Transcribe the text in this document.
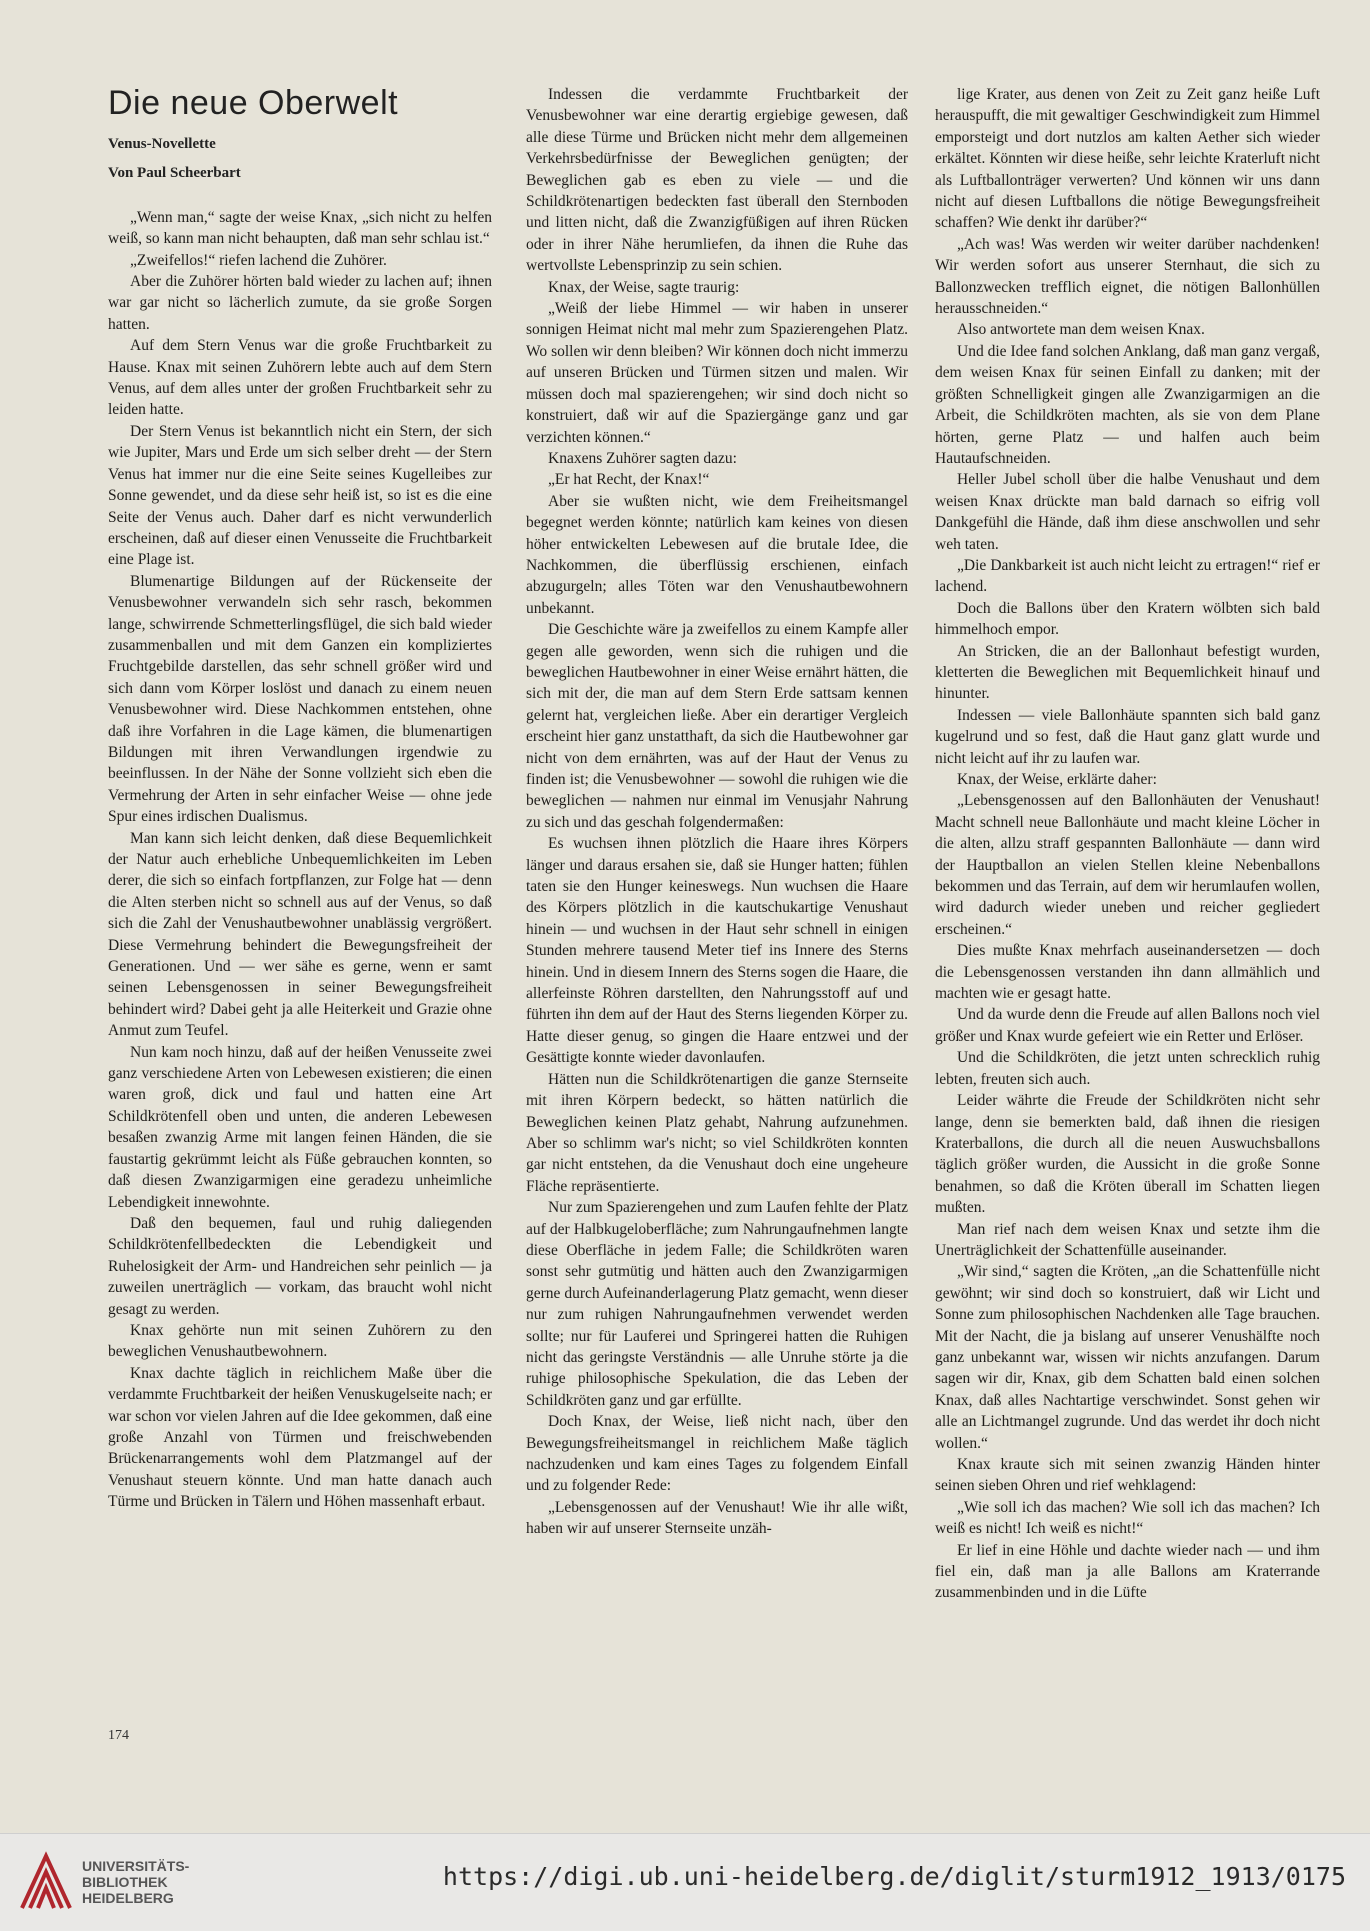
Die neue Oberwelt
Venus-Novellette
Von Paul Scheerbart

„Wenn man,“ sagte der weise Knax, „sich nicht zu helfen weiß, so kann man nicht behaupten, daß man sehr schlau ist.“

„Zweifellos!“ riefen lachend die Zuhörer.

Aber die Zuhörer hörten bald wieder zu lachen auf; ihnen war gar nicht so lächerlich zumute, da sie große Sorgen hatten.

Auf dem Stern Venus war die große Fruchtbarkeit zu Hause. Knax mit seinen Zuhörern lebte auch auf dem Stern Venus, auf dem alles unter der großen Fruchtbarkeit sehr zu leiden hatte.

Der Stern Venus ist bekanntlich nicht ein Stern, der sich wie Jupiter, Mars und Erde um sich selber dreht — der Stern Venus hat immer nur die eine Seite seines Kugelleibes zur Sonne gewendet, und da diese sehr heiß ist, so ist es die eine Seite der Venus auch. Daher darf es nicht verwunderlich erscheinen, daß auf dieser einen Venusseite die Fruchtbarkeit eine Plage ist.

Blumenartige Bildungen auf der Rückenseite der Venusbewohner verwandeln sich sehr rasch, bekommen lange, schwirrende Schmetterlingsflügel, die sich bald wieder zusammenballen und mit dem Ganzen ein kompliziertes Fruchtgebilde darstellen, das sehr schnell größer wird und sich dann vom Körper loslöst und danach zu einem neuen Venusbewohner wird. Diese Nachkommen entstehen, ohne daß ihre Vorfahren in die Lage kämen, die blumenartigen Bildungen mit ihren Verwandlungen irgendwie zu beeinflussen. In der Nähe der Sonne vollzieht sich eben die Vermehrung der Arten in sehr einfacher Weise — ohne jede Spur eines irdischen Dualismus.

Man kann sich leicht denken, daß diese Bequemlichkeit der Natur auch erhebliche Unbequemlichkeiten im Leben derer, die sich so einfach fortpflanzen, zur Folge hat — denn die Alten sterben nicht so schnell aus auf der Venus, so daß sich die Zahl der Venushautbewohner unablässig vergrößert. Diese Vermehrung behindert die Bewegungsfreiheit der Generationen. Und — wer sähe es gerne, wenn er samt seinen Lebensgenossen in seiner Bewegungsfreiheit behindert wird? Dabei geht ja alle Heiterkeit und Grazie ohne Anmut zum Teufel.

Nun kam noch hinzu, daß auf der heißen Venusseite zwei ganz verschiedene Arten von Lebewesen existieren; die einen waren groß, dick und faul und hatten eine Art Schildkrötenfell oben und unten, die anderen Lebewesen besaßen zwanzig Arme mit langen feinen Händen, die sie faustartig gekrümmt leicht als Füße gebrauchen konnten, so daß diesen Zwanzigarmigen eine geradezu unheimliche Lebendigkeit innewohnte.

Daß den bequemen, faul und ruhig daliegenden Schildkrötenfellbedeckten die Lebendigkeit und Ruhelosigkeit der Arm- und Handreichen sehr peinlich — ja zuweilen unerträglich — vorkam, das braucht wohl nicht gesagt zu werden.

Knax gehörte nun mit seinen Zuhörern zu den beweglichen Venushautbewohnern.

Knax dachte täglich in reichlichem Maße über die verdammte Fruchtbarkeit der heißen Venuskugelseite nach; er war schon vor vielen Jahren auf die Idee gekommen, daß eine große Anzahl von Türmen und freischwebenden Brückenarrangements wohl dem Platzmangel auf der Venushaut steuern könnte. Und man hatte danach auch Türme und Brücken in Tälern und Höhen massenhaft erbaut.

Indessen die verdammte Fruchtbarkeit der Venusbewohner war eine derartig ergiebige gewesen, daß alle diese Türme und Brücken nicht mehr dem allgemeinen Verkehrsbedürfnisse der Beweglichen genügten; der Beweglichen gab es eben zu viele — und die Schildkrötenartigen bedeckten fast überall den Sternboden und litten nicht, daß die Zwanzigfüßigen auf ihren Rücken oder in ihrer Nähe herumliefen, da ihnen die Ruhe das wertvollste Lebensprinzip zu sein schien.

Knax, der Weise, sagte traurig:

„Weiß der liebe Himmel — wir haben in unserer sonnigen Heimat nicht mal mehr zum Spazierengehen Platz. Wo sollen wir denn bleiben? Wir können doch nicht immerzu auf unseren Brücken und Türmen sitzen und malen. Wir müssen doch mal spazierengehen; wir sind doch nicht so konstruiert, daß wir auf die Spaziergänge ganz und gar verzichten können.“

Knaxens Zuhörer sagten dazu:

„Er hat Recht, der Knax!“

Aber sie wußten nicht, wie dem Freiheitsmangel begegnet werden könnte; natürlich kam keines von diesen höher entwickelten Lebewesen auf die brutale Idee, die Nachkommen, die überflüssig erschienen, einfach abzugurgeln; alles Töten war den Venushautbewohnern unbekannt.

Die Geschichte wäre ja zweifellos zu einem Kampfe aller gegen alle geworden, wenn sich die ruhigen und die beweglichen Hautbewohner in einer Weise ernährt hätten, die sich mit der, die man auf dem Stern Erde sattsam kennen gelernt hat, vergleichen ließe. Aber ein derartiger Vergleich erscheint hier ganz unstatthaft, da sich die Hautbewohner gar nicht von dem ernährten, was auf der Haut der Venus zu finden ist; die Venusbewohner — sowohl die ruhigen wie die beweglichen — nahmen nur einmal im Venusjahr Nahrung zu sich und das geschah folgendermaßen:

Es wuchsen ihnen plötzlich die Haare ihres Körpers länger und daraus ersahen sie, daß sie Hunger hatten; fühlen taten sie den Hunger keineswegs. Nun wuchsen die Haare des Körpers plötzlich in die kautschukartige Venushaut hinein — und wuchsen in der Haut sehr schnell in einigen Stunden mehrere tausend Meter tief ins Innere des Sterns hinein. Und in diesem Innern des Sterns sogen die Haare, die allerfeinste Röhren darstellten, den Nahrungsstoff auf und führten ihn dem auf der Haut des Sterns liegenden Körper zu. Hatte dieser genug, so gingen die Haare entzwei und der Gesättigte konnte wieder davonlaufen.

Hätten nun die Schildkrötenartigen die ganze Sternseite mit ihren Körpern bedeckt, so hätten natürlich die Beweglichen keinen Platz gehabt, Nahrung aufzunehmen. Aber so schlimm war's nicht; so viel Schildkröten konnten gar nicht entstehen, da die Venushaut doch eine ungeheure Fläche repräsentierte.

Nur zum Spazierengehen und zum Laufen fehlte der Platz auf der Halbkugeloberfläche; zum Nahrungaufnehmen langte diese Oberfläche in jedem Falle; die Schildkröten waren sonst sehr gutmütig und hätten auch den Zwanzigarmigen gerne durch Aufeinanderlagerung Platz gemacht, wenn dieser nur zum ruhigen Nahrungaufnehmen verwendet werden sollte; nur für Lauferei und Springerei hatten die Ruhigen nicht das geringste Verständnis — alle Unruhe störte ja die ruhige philosophische Spekulation, die das Leben der Schildkröten ganz und gar erfüllte.

Doch Knax, der Weise, ließ nicht nach, über den Bewegungsfreiheitsmangel in reichlichem Maße täglich nachzudenken und kam eines Tages zu folgendem Einfall und zu folgender Rede:

„Lebensgenossen auf der Venushaut! Wie ihr alle wißt, haben wir auf unserer Sternseite unzäh-

lige Krater, aus denen von Zeit zu Zeit ganz heiße Luft herauspufft, die mit gewaltiger Geschwindigkeit zum Himmel emporsteigt und dort nutzlos am kalten Aether sich wieder erkältet. Könnten wir diese heiße, sehr leichte Kraterluft nicht als Luftballonträger verwerten? Und können wir uns dann nicht auf diesen Luftballons die nötige Bewegungsfreiheit schaffen? Wie denkt ihr darüber?“

„Ach was! Was werden wir weiter darüber nachdenken! Wir werden sofort aus unserer Sternhaut, die sich zu Ballonzwecken trefflich eignet, die nötigen Ballonhüllen herausschneiden.“

Also antwortete man dem weisen Knax.

Und die Idee fand solchen Anklang, daß man ganz vergaß, dem weisen Knax für seinen Einfall zu danken; mit der größten Schnelligkeit gingen alle Zwanzigarmigen an die Arbeit, die Schildkröten machten, als sie von dem Plane hörten, gerne Platz — und halfen auch beim Hautaufschneiden.

Heller Jubel scholl über die halbe Venushaut und dem weisen Knax drückte man bald darnach so eifrig voll Dankgefühl die Hände, daß ihm diese anschwollen und sehr weh taten.

„Die Dankbarkeit ist auch nicht leicht zu ertragen!“ rief er lachend.

Doch die Ballons über den Kratern wölbten sich bald himmelhoch empor.

An Stricken, die an der Ballonhaut befestigt wurden, kletterten die Beweglichen mit Bequemlichkeit hinauf und hinunter.

Indessen — viele Ballonhäute spannten sich bald ganz kugelrund und so fest, daß die Haut ganz glatt wurde und nicht leicht auf ihr zu laufen war.

Knax, der Weise, erklärte daher:

„Lebensgenossen auf den Ballonhäuten der Venushaut! Macht schnell neue Ballonhäute und macht kleine Löcher in die alten, allzu straff gespannten Ballonhäute — dann wird der Hauptballon an vielen Stellen kleine Nebenballons bekommen und das Terrain, auf dem wir herumlaufen wollen, wird dadurch wieder uneben und reicher gegliedert erscheinen.“

Dies mußte Knax mehrfach auseinandersetzen — doch die Lebensgenossen verstanden ihn dann allmählich und machten wie er gesagt hatte.

Und da wurde denn die Freude auf allen Ballons noch viel größer und Knax wurde gefeiert wie ein Retter und Erlöser.

Und die Schildkröten, die jetzt unten schrecklich ruhig lebten, freuten sich auch.

Leider währte die Freude der Schildkröten nicht sehr lange, denn sie bemerkten bald, daß ihnen die riesigen Kraterballons, die durch all die neuen Auswuchsballons täglich größer wurden, die Aussicht in die große Sonne benahmen, so daß die Kröten überall im Schatten liegen mußten.

Man rief nach dem weisen Knax und setzte ihm die Unerträglichkeit der Schattenfülle auseinander.

„Wir sind,“ sagten die Kröten, „an die Schattenfülle nicht gewöhnt; wir sind doch so konstruiert, daß wir Licht und Sonne zum philosophischen Nachdenken alle Tage brauchen. Mit der Nacht, die ja bislang auf unserer Venushälfte noch ganz unbekannt war, wissen wir nichts anzufangen. Darum sagen wir dir, Knax, gib dem Schatten bald einen solchen Knax, daß alles Nachtartige verschwindet. Sonst gehen wir alle an Lichtmangel zugrunde. Und das werdet ihr doch nicht wollen.“

Knax kraute sich mit seinen zwanzig Händen hinter seinen sieben Ohren und rief wehklagend:

„Wie soll ich das machen? Wie soll ich das machen? Ich weiß es nicht! Ich weiß es nicht!“

Er lief in eine Höhle und dachte wieder nach — und ihm fiel ein, daß man ja alle Ballons am Kraterrande zusammenbinden und in die Lüfte

174
UNIVERSITÄTS-
BIBLIOTHEK
HEIDELBERG
https://digi.ub.uni-heidelberg.de/diglit/sturm1912_1913/0175
